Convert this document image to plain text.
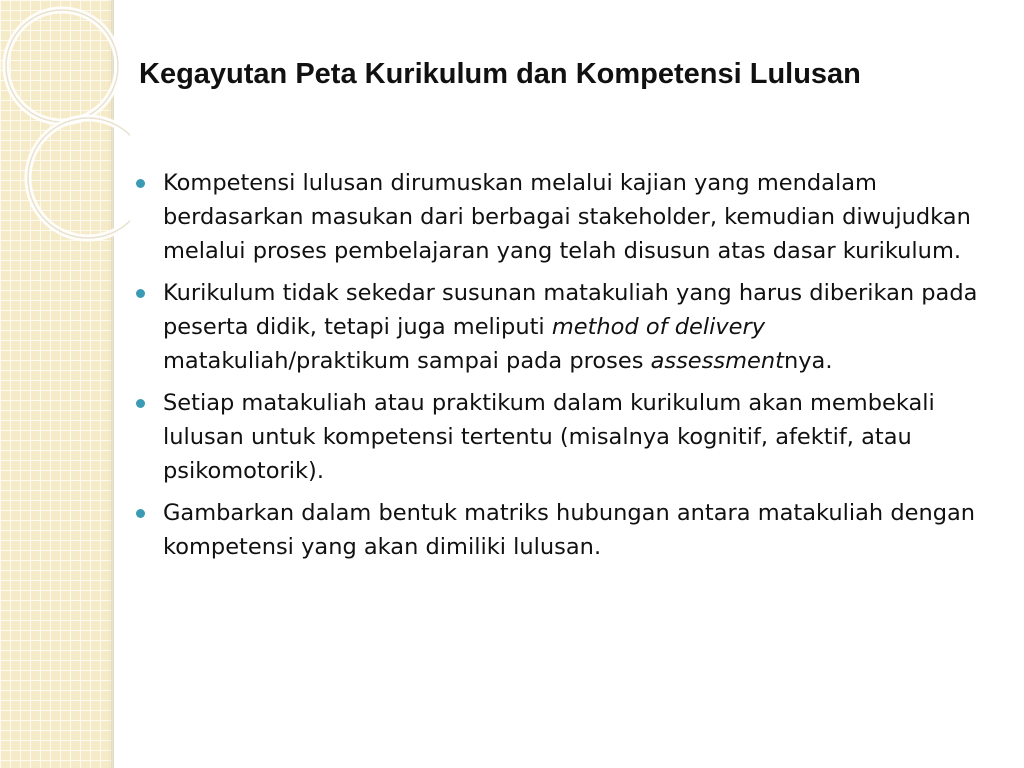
Kegayutan Peta Kurikulum dan Kompetensi Lulusan
Kompetensi lulusan dirumuskan melalui kajian yang mendalam berdasarkan masukan dari berbagai stakeholder, kemudian diwujudkan melalui proses pembelajaran yang telah disusun atas dasar kurikulum.
Kurikulum tidak sekedar susunan matakuliah yang harus diberikan pada peserta didik, tetapi juga meliputi method of delivery matakuliah/praktikum sampai pada proses assessmentnya.
Setiap matakuliah atau praktikum dalam kurikulum akan membekali lulusan untuk kompetensi tertentu (misalnya kognitif, afektif, atau psikomotorik).
Gambarkan dalam bentuk matriks hubungan antara matakuliah dengan kompetensi yang akan dimiliki lulusan.
